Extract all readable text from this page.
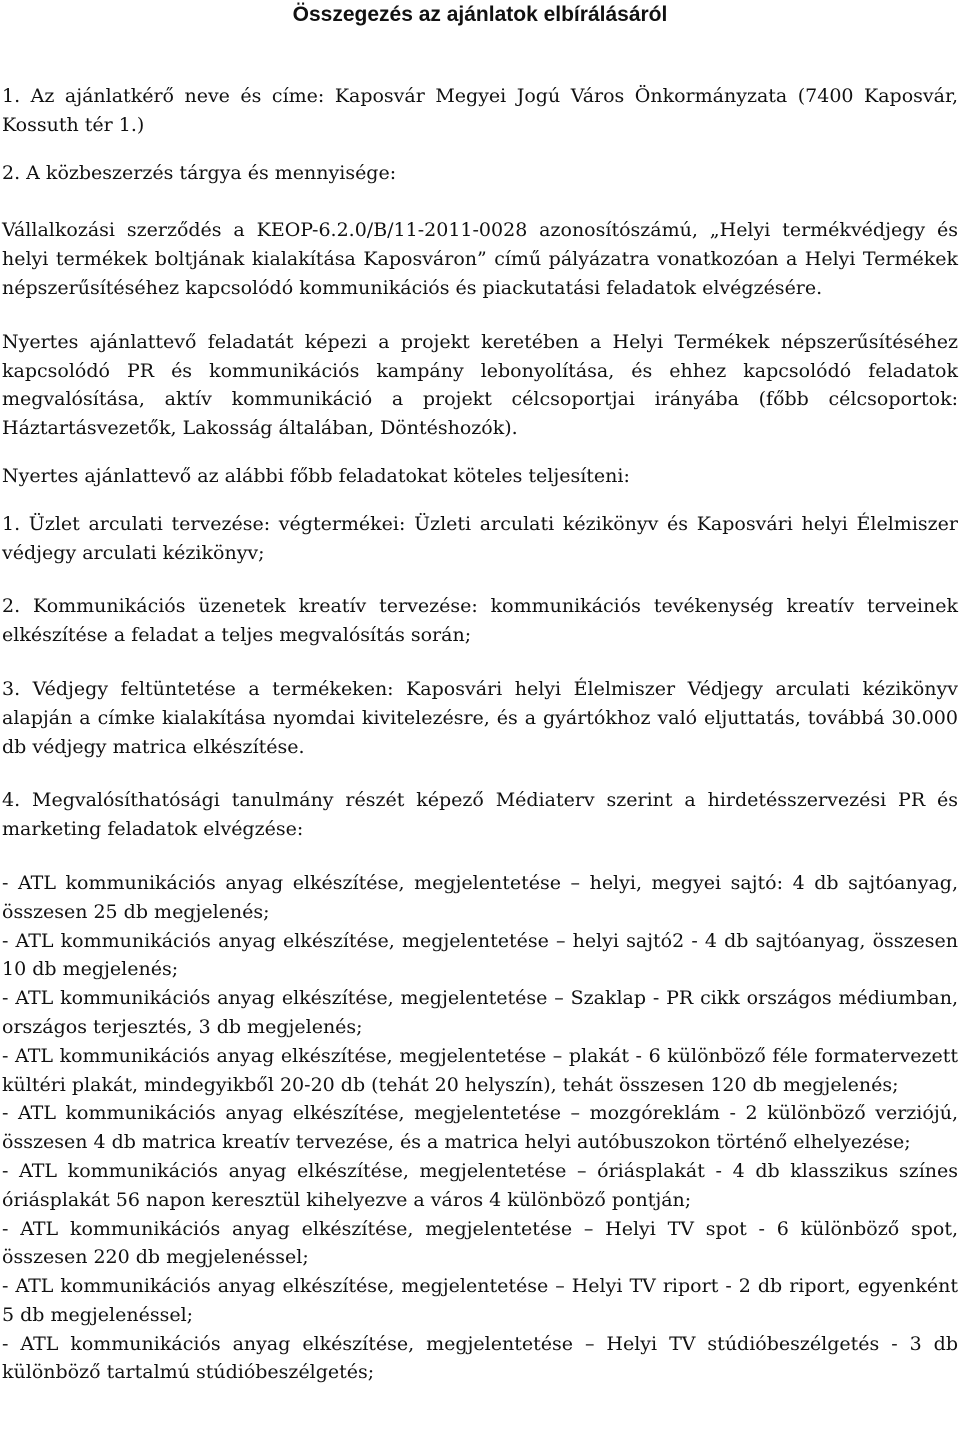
Összegezés az ajánlatok elbírálásáról

1. Az ajánlatkérő neve és címe: Kaposvár Megyei Jogú Város Önkormányzata (7400 Kaposvár, Kossuth tér 1.)

2. A közbeszerzés tárgya és mennyisége:

Vállalkozási szerződés a KEOP-6.2.0/B/11-2011-0028 azonosítószámú, „Helyi termékvédjegy és helyi termékek boltjának kialakítása Kaposváron” című pályázatra vonatkozóan a Helyi Termékek népszerűsítéséhez kapcsolódó kommunikációs és piackutatási feladatok elvégzésére.

Nyertes ajánlattevő feladatát képezi a projekt keretében a Helyi Termékek népszerűsítéséhez kapcsolódó PR és kommunikációs kampány lebonyolítása, és ehhez kapcsolódó feladatok megvalósítása, aktív kommunikáció a projekt célcsoportjai irányába (főbb célcsoportok: Háztartásvezetők, Lakosság általában, Döntéshozók).

Nyertes ajánlattevő az alábbi főbb feladatokat köteles teljesíteni:

1. Üzlet arculati tervezése: végtermékei: Üzleti arculati kézikönyv és Kaposvári helyi Élelmiszer védjegy arculati kézikönyv;

2. Kommunikációs üzenetek kreatív tervezése: kommunikációs tevékenység kreatív terveinek elkészítése a feladat a teljes megvalósítás során;

3. Védjegy feltüntetése a termékeken: Kaposvári helyi Élelmiszer Védjegy arculati kézikönyv alapján a címke kialakítása nyomdai kivitelezésre, és a gyártókhoz való eljuttatás, továbbá 30.000 db védjegy matrica elkészítése.

4. Megvalósíthatósági tanulmány részét képező Médiaterv szerint a hirdetésszervezési PR és marketing feladatok elvégzése:

- ATL kommunikációs anyag elkészítése, megjelentetése – helyi, megyei sajtó: 4 db sajtóanyag, összesen 25 db megjelenés;

- ATL kommunikációs anyag elkészítése, megjelentetése – helyi sajtó2 - 4 db sajtóanyag, összesen 10 db megjelenés;

- ATL kommunikációs anyag elkészítése, megjelentetése – Szaklap - PR cikk országos médiumban, országos terjesztés, 3 db megjelenés;

- ATL kommunikációs anyag elkészítése, megjelentetése – plakát - 6 különböző féle formatervezett kültéri plakát, mindegyikből 20-20 db (tehát 20 helyszín), tehát összesen 120 db megjelenés;

- ATL kommunikációs anyag elkészítése, megjelentetése – mozgóreklám - 2 különböző verziójú, összesen 4 db matrica kreatív tervezése, és a matrica helyi autóbuszokon történő elhelyezése;

- ATL kommunikációs anyag elkészítése, megjelentetése – óriásplakát - 4 db klasszikus színes óriásplakát 56 napon keresztül kihelyezve a város 4 különböző pontján;

- ATL kommunikációs anyag elkészítése, megjelentetése – Helyi TV spot - 6 különböző spot, összesen 220 db megjelenéssel;

- ATL kommunikációs anyag elkészítése, megjelentetése – Helyi TV riport - 2 db riport, egyenként 5 db megjelenéssel;

- ATL kommunikációs anyag elkészítése, megjelentetése – Helyi TV stúdióbeszélgetés - 3 db különböző tartalmú stúdióbeszélgetés;
